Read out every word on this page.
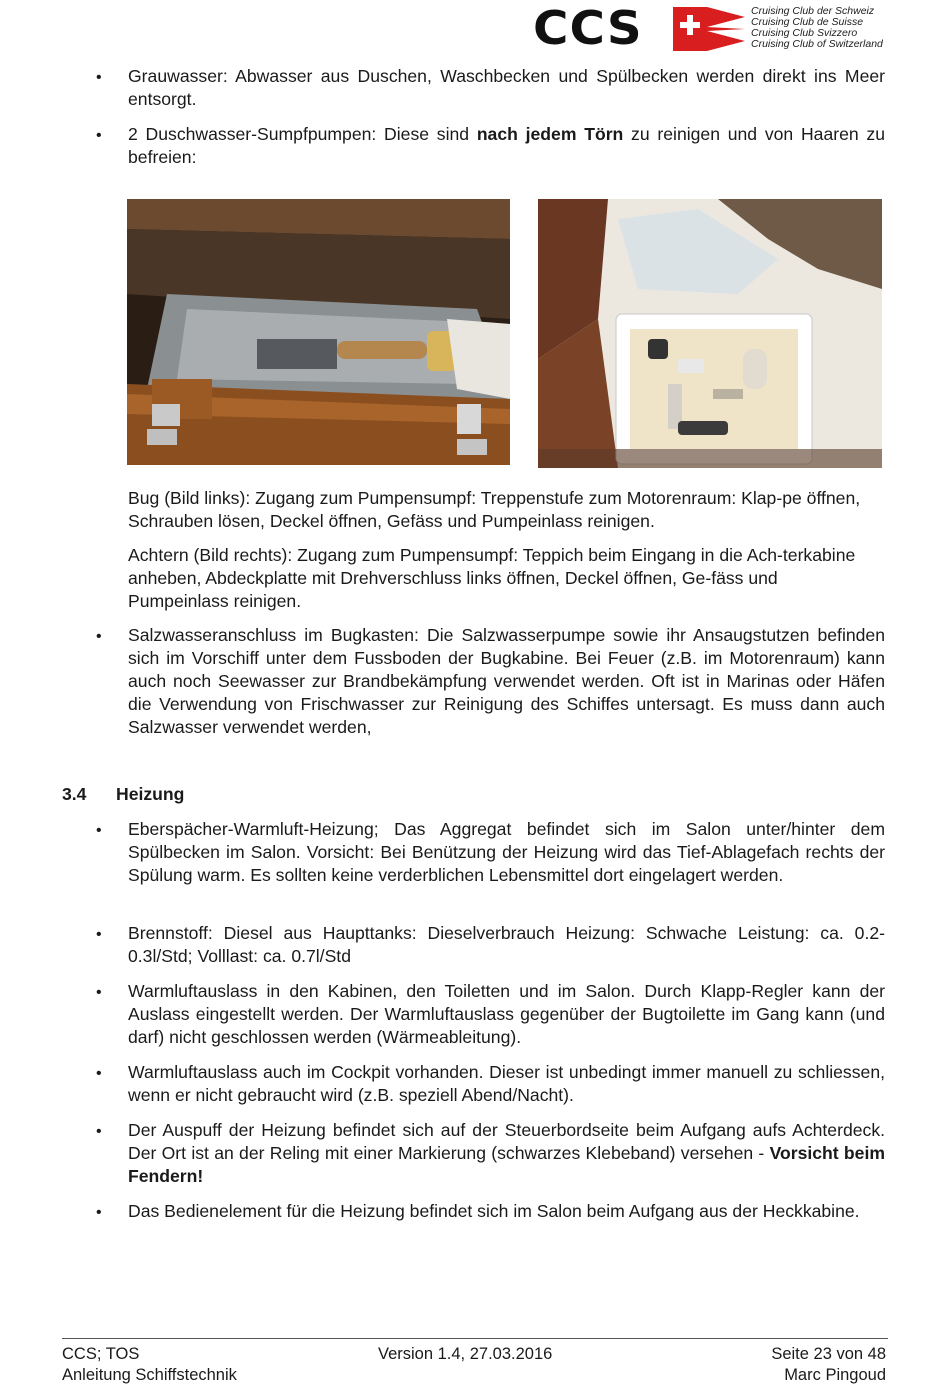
CCS	Cruising Club der Schweiz
Cruising Club de Suisse
Cruising Club Svizzero
Cruising Club of Switzerland
• Grauwasser: Abwasser aus Duschen, Waschbecken und Spülbecken werden direkt ins Meer entsorgt.
• 2 Duschwasser-Sumpfpumpen: Diese sind nach jedem Törn zu reinigen und von Haaren zu befreien:
Bug (Bild links): Zugang zum Pumpensumpf: Treppenstufe zum Motorenraum: Klap-pe öffnen, Schrauben lösen, Deckel öffnen, Gefäss und Pumpeinlass reinigen.
Achtern (Bild rechts): Zugang zum Pumpensumpf: Teppich beim Eingang in die Ach-terkabine anheben, Abdeckplatte mit Drehverschluss links öffnen, Deckel öffnen, Ge-fäss und Pumpeinlass reinigen.
• Salzwasseranschluss im Bugkasten: Die Salzwasserpumpe sowie ihr Ansaugstutzen befinden sich im Vorschiff unter dem Fussboden der Bugkabine. Bei Feuer (z.B. im Motorenraum) kann auch noch Seewasser zur Brandbekämpfung verwendet werden. Oft ist in Marinas oder Häfen die Verwendung von Frischwasser zur Reinigung des Schiffes untersagt. Es muss dann auch Salzwasser verwendet werden,
3.4 Heizung
• Eberspächer-Warmluft-Heizung; Das Aggregat befindet sich im Salon unter/hinter dem Spülbecken im Salon. Vorsicht: Bei Benützung der Heizung wird das Tief-Ablagefach rechts der Spülung warm. Es sollten keine verderblichen Lebensmittel dort eingelagert werden.
• Brennstoff: Diesel aus Haupttanks: Dieselverbrauch Heizung: Schwache Leistung: ca. 0.2-0.3l/Std; Volllast: ca. 0.7l/Std
• Warmluftauslass in den Kabinen, den Toiletten und im Salon. Durch Klapp-Regler kann der Auslass eingestellt werden. Der Warmluftauslass gegenüber der Bugtoilette im Gang kann (und darf) nicht geschlossen werden (Wärmeableitung).
• Warmluftauslass auch im Cockpit vorhanden. Dieser ist unbedingt immer manuell zu schliessen, wenn er nicht gebraucht wird (z.B. speziell Abend/Nacht).
• Der Auspuff der Heizung befindet sich auf der Steuerbordseite beim Aufgang aufs Achterdeck. Der Ort ist an der Reling mit einer Markierung (schwarzes Klebeband) versehen - Vorsicht beim Fendern!
• Das Bedienelement für die Heizung befindet sich im Salon beim Aufgang aus der Heckkabine.
CCS; TOS
Anleitung Schiffstechnik
Version 1.4, 27.03.2016	Seite 23 von 48
Marc Pingoud
